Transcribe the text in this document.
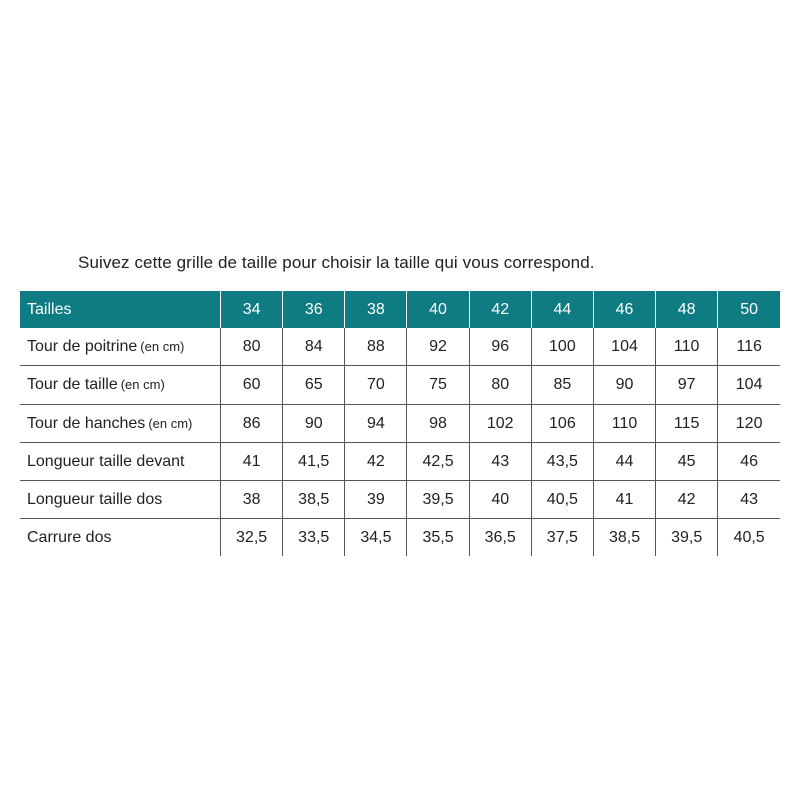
Suivez cette grille de taille pour choisir la taille qui vous correspond.

Tailles	34	36	38	40	42	44	46	48	50
Tour de poitrine (en cm)	80	84	88	92	96	100	104	110	116
Tour de taille (en cm)	60	65	70	75	80	85	90	97	104
Tour de hanches (en cm)	86	90	94	98	102	106	110	115	120
Longueur taille devant	41	41,5	42	42,5	43	43,5	44	45	46
Longueur taille dos	38	38,5	39	39,5	40	40,5	41	42	43
Carrure dos	32,5	33,5	34,5	35,5	36,5	37,5	38,5	39,5	40,5
